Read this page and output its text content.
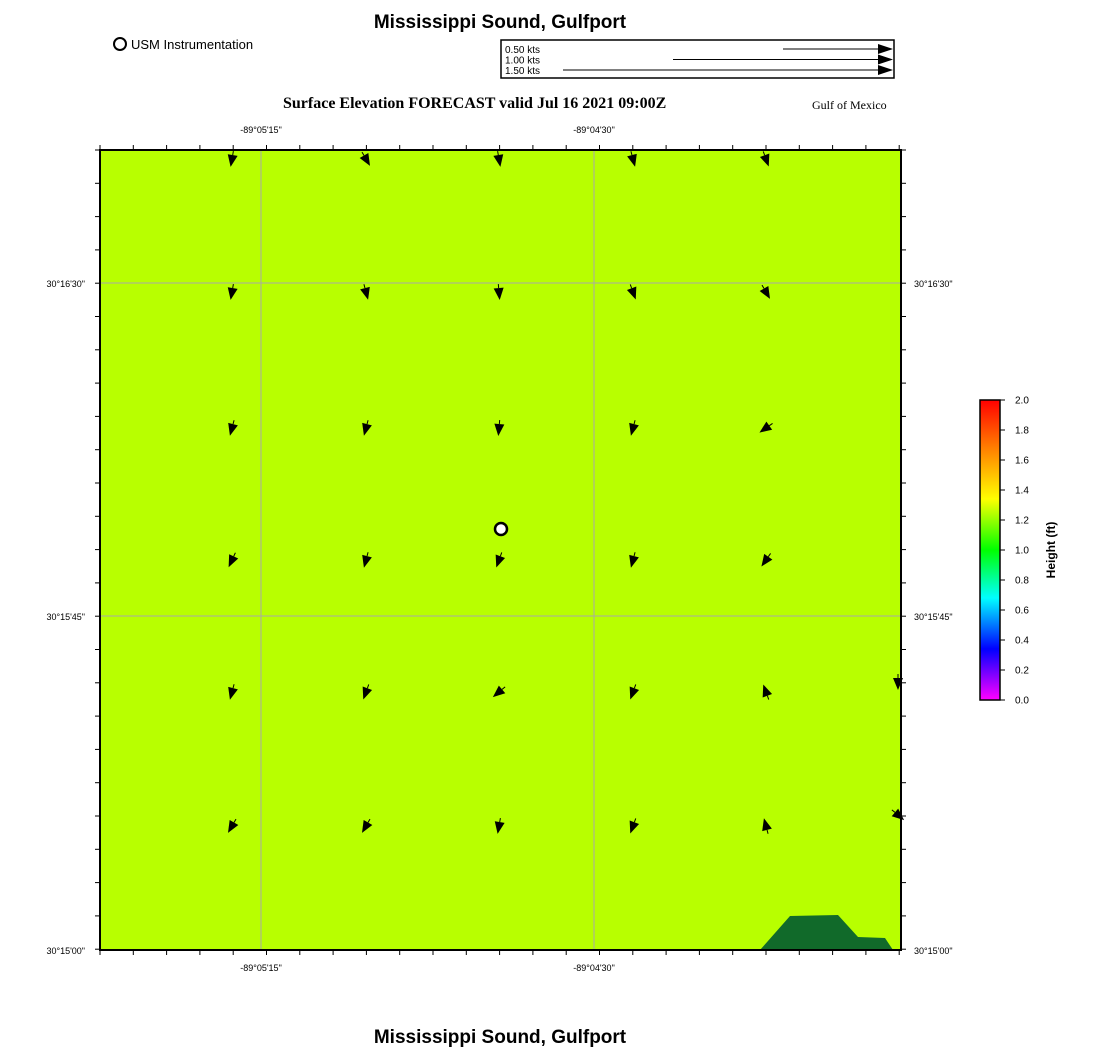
Mississippi Sound, Gulfport
USM Instrumentation
Surface Elevation FORECAST valid Jul 16 2021 09:00Z	Gulf of Mexico
Mississippi Sound, Gulfport
0.50 kts
1.00 kts
1.50 kts
-89°05'15"	-89°04'30"
-89°05'15"	-89°04'30"
30°16'30"
30°15'45"
30°15'00"
30°16'30"
30°15'45"
30°15'00"
2.0
1.8
1.6
1.4
1.2
1.0
0.8
0.6
0.4
0.2
0.0
Height (ft)
